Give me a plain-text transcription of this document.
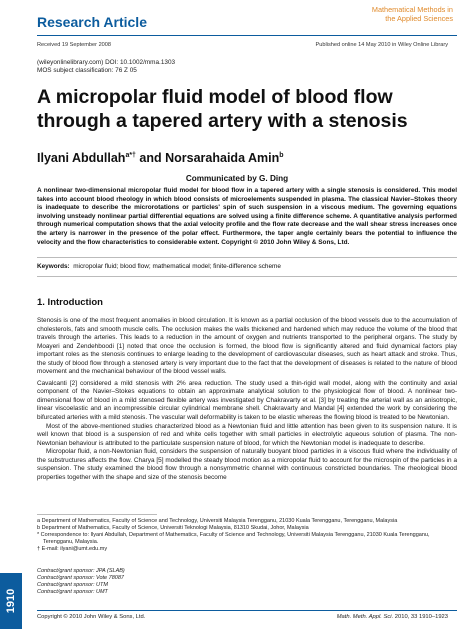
Research Article
Mathematical Methods in the Applied Sciences
Received 19 September 2008	Published online 14 May 2010 in Wiley Online Library
(wileyonlinelibrary.com) DOI: 10.1002/mma.1303
MOS subject classification: 76 Z 05
A micropolar fluid model of blood flow through a tapered artery with a stenosis
Ilyani Abdullah$^{a*\dagger}$ and Norsarahaida Amin$^b$
Communicated by G. Ding
A nonlinear two-dimensional micropolar fluid model for blood flow in a tapered artery with a single stenosis is considered. This model takes into account blood rheology in which blood consists of microelements suspended in plasma. The classical Navier–Stokes theory is inadequate to describe the microrotations or particles' spin of such suspension in a viscous medium. The governing equations involving unsteady nonlinear partial differential equations are solved using a finite difference scheme. A quantitative analysis performed through numerical computation shows that the axial velocity profile and the flow rate decrease and the wall shear stress increases once the artery is narrower in the presence of the polar effect. Furthermore, the taper angle certainly bears the potential to influence the velocity and the flow characteristics to considerable extent. Copyright © 2010 John Wiley & Sons, Ltd.
Keywords: micropolar fluid; blood flow; mathematical model; finite-difference scheme
1. Introduction

Stenosis is one of the most frequent anomalies in blood circulation. It is known as a partial occlusion of the blood vessels due to the accumulation of cholesterols, fats and smooth muscle cells. The occlusion makes the walls thickened and hardened which may reduce the volume of the blood that travels through the arteries. This leads to a reduction in the amount of oxygen and nutrients transported to the peripheral organs. The study by Moayeri and Zendehboodi [1] noted that once the occlusion is formed, the blood flow is significantly altered and fluid dynamical factors play important roles as the stenosis continues to enlarge leading to the development of cardiovascular diseases, such as heart attack and stroke. Thus, the study of blood flow through a stenosed artery is very important due to the fact that the development of diseases is related to the nature of blood movement and the mechanical behaviour of the blood vessel walls.

Cavalcanti [2] considered a mild stenosis with 2% area reduction. The study used a thin-rigid wall model, along with the continuity and axial component of the Navier–Stokes equations to obtain an approximate analytical solution to the physiological flow of blood. A nonlinear two-dimensional flow of blood in a mild stenosed flexible artery was investigated by Chakravarty et al. [3] by treating the arterial wall as an anisotropic, linear viscoelastic and an incompressible circular cylindrical membrane shell. Chakravarty and Mandal [4] extended the work by considering the bifurcated arteries with a mild stenosis. The vascular wall deformability is taken to be elastic whereas the flowing blood is treated to be Newtonian.

Most of the above-mentioned studies characterized blood as a Newtonian fluid and little attention has been given to its suspension nature. It is well known that blood is a suspension of red and white cells together with small particles in electrolytic aqueous solution of plasma. The non-Newtonian behaviour is attributed to the particulate suspension nature of blood, for which the Newtonian model is inadequate to describe.

Micropolar fluid, a non-Newtonian fluid, considers the suspension of naturally buoyant blood particles in a viscous fluid where the individuality of the substructures affects the flow. Charya [5] modelled the steady blood motion as a micropolar fluid to account for the microspin of the particles in a suspension. The study examined the blood flow through a nonsymmetric channel with continuous constricted boundaries. The rheological blood properties together with the shape and size of the stenosis become

a Department of Mathematics, Faculty of Science and Technology, Universiti Malaysia Terengganu, 21030 Kuala Terengganu, Terengganu, Malaysia
b Department of Mathematics, Faculty of Science, Universiti Teknologi Malaysia, 81310 Skudai, Johor, Malaysia
* Correspondence to: Ilyani Abdullah, Department of Mathematics, Faculty of Science and Technology, Universiti Malaysia Terengganu, 21030 Kuala Terengganu,
Terengganu, Malaysia.
† E-mail: ilyani@umt.edu.my
Contract/grant sponsor: JPA (SLAB)
Contract/grant sponsor: Vote 78087
Contract/grant sponsor: UTM
Contract/grant sponsor: UMT
Copyright © 2010 John Wiley & Sons, Ltd.	Math. Meth. Appl. Sci. 2010, 33 1910–1923
1910
